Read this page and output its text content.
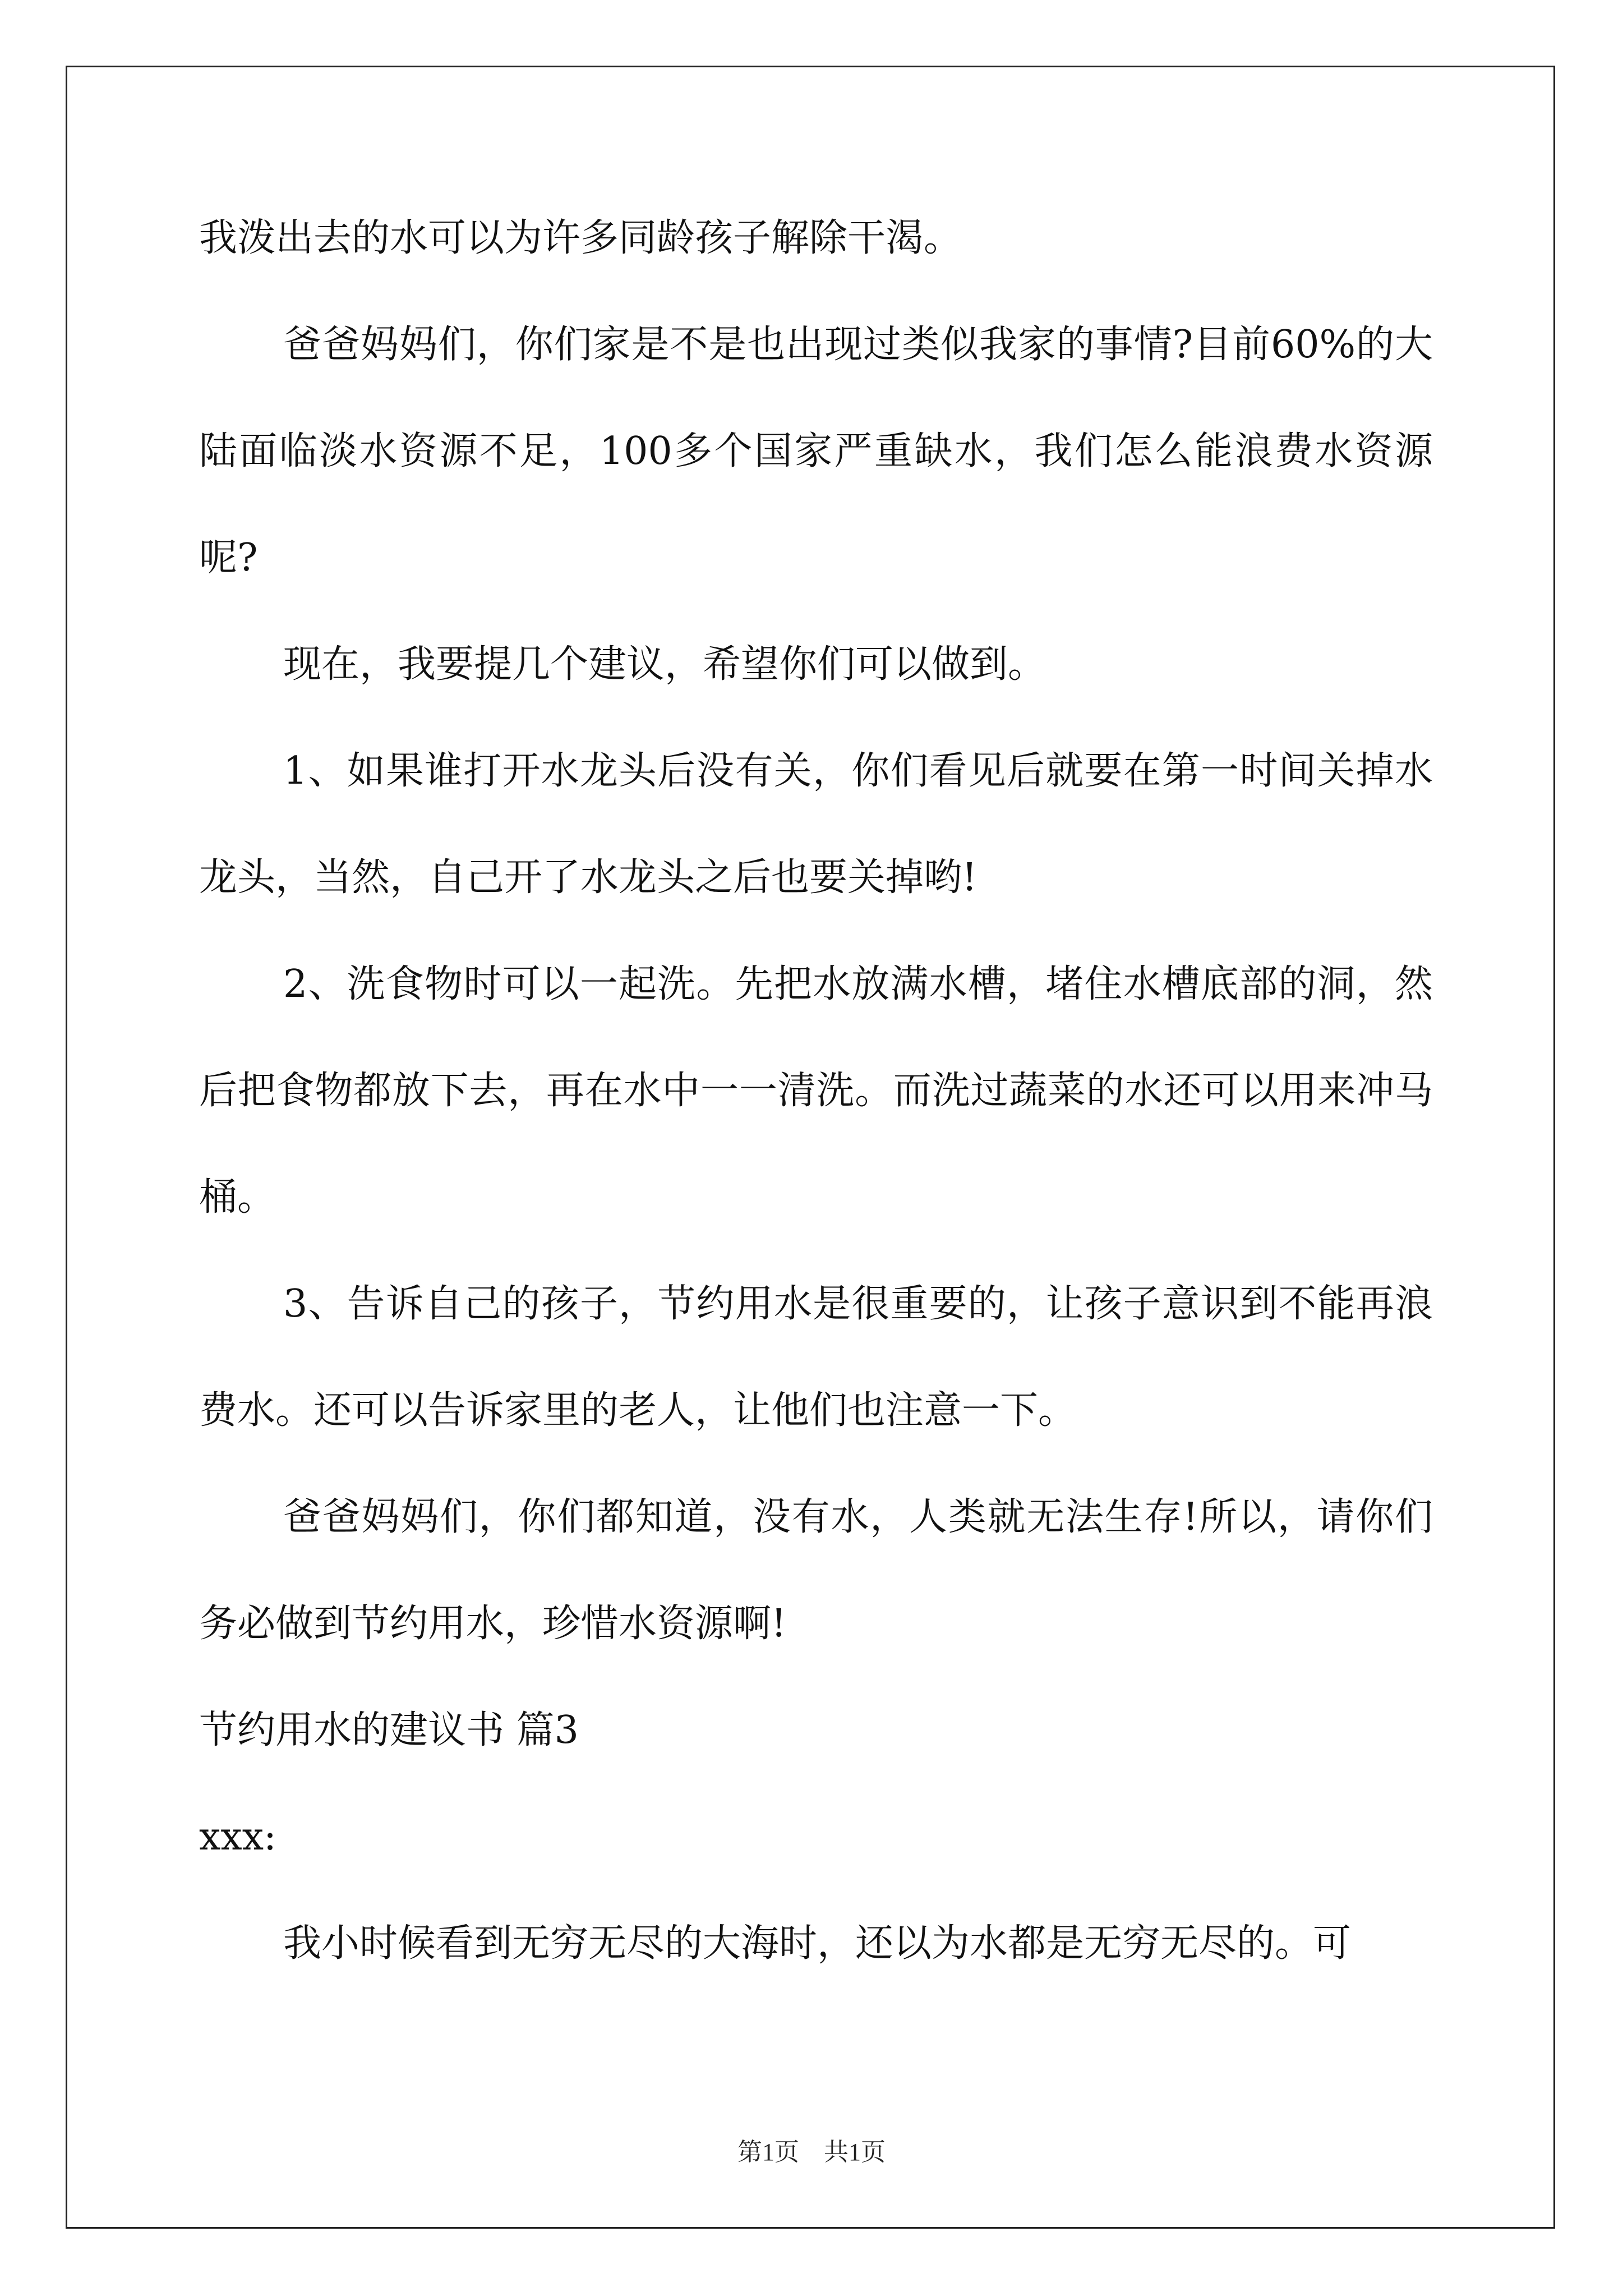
我泼出去的水可以为许多同龄孩子解除干渴。

爸爸妈妈们，你们家是不是也出现过类似我家的事情?目前60%的大陆面临淡水资源不足，100多个国家严重缺水，我们怎么能浪费水资源呢?

现在，我要提几个建议，希望你们可以做到。

1、如果谁打开水龙头后没有关，你们看见后就要在第一时间关掉水龙头，当然，自己开了水龙头之后也要关掉哟!

2、洗食物时可以一起洗。先把水放满水槽，堵住水槽底部的洞，然后把食物都放下去，再在水中一一清洗。而洗过蔬菜的水还可以用来冲马桶。

3、告诉自己的孩子，节约用水是很重要的，让孩子意识到不能再浪费水。还可以告诉家里的老人，让他们也注意一下。

爸爸妈妈们，你们都知道，没有水，人类就无法生存!所以，请你们务必做到节约用水，珍惜水资源啊!

节约用水的建议书 篇3

xxx:

我小时候看到无穷无尽的大海时，还以为水都是无穷无尽的。可

第1页　共1页
